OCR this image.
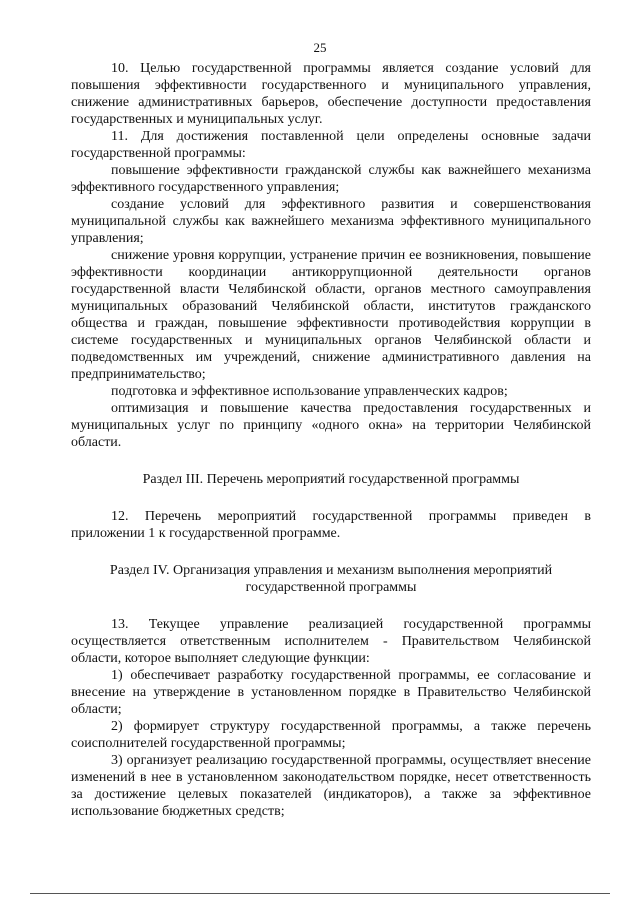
25

10. Целью государственной программы является создание условий для повышения эффективности государственного и муниципального управления, снижение административных барьеров, обеспечение доступности предоставления государственных и муниципальных услуг.

11. Для достижения поставленной цели определены основные задачи государственной программы:

повышение эффективности гражданской службы как важнейшего механизма эффективного государственного управления;

создание условий для эффективного развития и совершенствования муниципальной службы как важнейшего механизма эффективного муниципального управления;

снижение уровня коррупции, устранение причин ее возникновения, повышение эффективности координации антикоррупционной деятельности органов государственной власти Челябинской области, органов местного самоуправления муниципальных образований Челябинской области, институтов гражданского общества и граждан, повышение эффективности противодействия коррупции в системе государственных и муниципальных органов Челябинской области и подведомственных им учреждений, снижение административного давления на предпринимательство;

подготовка и эффективное использование управленческих кадров;

оптимизация и повышение качества предоставления государственных и муниципальных услуг по принципу «одного окна» на территории Челябинской области.

Раздел III. Перечень мероприятий государственной программы

12. Перечень мероприятий государственной программы приведен в приложении 1 к государственной программе.

Раздел IV. Организация управления и механизм выполнения мероприятий

государственной программы

13. Текущее управление реализацией государственной программы осуществляется ответственным исполнителем - Правительством Челябинской области, которое выполняет следующие функции:

1) обеспечивает разработку государственной программы, ее согласование и внесение на утверждение в установленном порядке в Правительство Челябинской области;

2) формирует структуру государственной программы, а также перечень соисполнителей государственной программы;

3) организует реализацию государственной программы, осуществляет внесение изменений в нее в установленном законодательством порядке, несет ответственность за достижение целевых показателей (индикаторов), а также за эффективное использование бюджетных средств;
